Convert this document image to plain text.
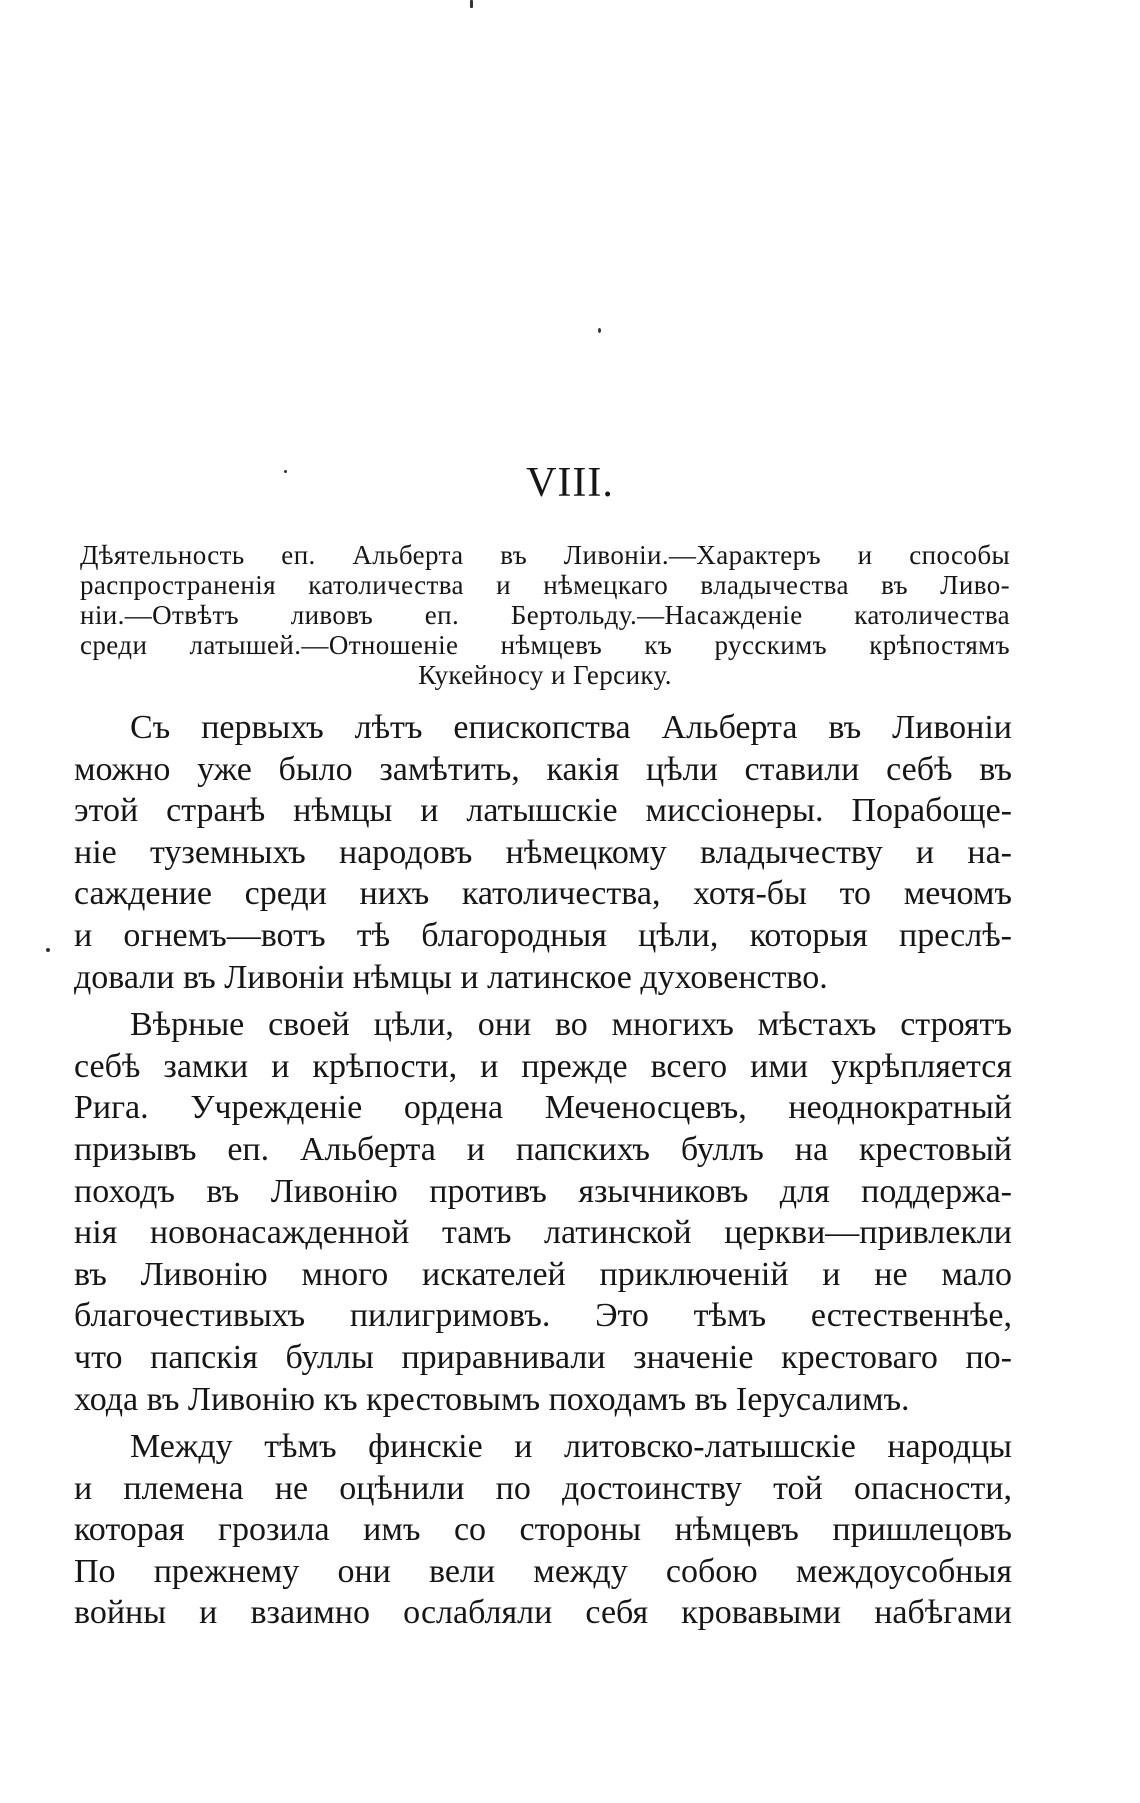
VIII.
Дѣятельность еп. Альберта въ Ливоніи.—Характеръ и способы
распространенія католичества и нѣмецкаго владычества въ Ливо-
ніи.—Отвѣтъ ливовъ еп. Бертольду.—Насажденіе католичества
среди латышей.—Отношеніе нѣмцевъ къ русскимъ крѣпостямъ
Кукейносу и Герсику.
Съ первыхъ лѣтъ епископства Альберта въ Ливоніи
можно уже было замѣтить, какія цѣли ставили себѣ въ
этой странѣ нѣмцы и латышскіе миссіонеры. Порабоще-
ніе туземныхъ народовъ нѣмецкому владычеству и на-
саждение среди нихъ католичества, хотя-бы то мечомъ
и огнемъ—вотъ тѣ благородныя цѣли, которыя преслѣ-
довали въ Ливоніи нѣмцы и латинское духовенство.
Вѣрные своей цѣли, они во многихъ мѣстахъ строятъ
себѣ замки и крѣпости, и прежде всего ими укрѣпляется
Рига. Учрежденіе ордена Меченосцевъ, неоднократный
призывъ еп. Альберта и папскихъ буллъ на крестовый
походъ въ Ливонію противъ язычниковъ для поддержа-
нія новонасажденной тамъ латинской церкви—привлекли
въ Ливонію много искателей приключеній и не мало
благочестивыхъ пилигримовъ. Это тѣмъ естественнѣе,
что папскія буллы приравнивали значеніе крестоваго по-
хода въ Ливонію къ крестовымъ походамъ въ Іерусалимъ.
Между тѣмъ финскіе и литовско-латышскіе народцы
и племена не оцѣнили по достоинству той опасности,
которая грозила имъ со стороны нѣмцевъ пришлецовъ
По прежнему они вели между собою междоусобныя
войны и взаимно ослабляли себя кровавыми набѣгами
